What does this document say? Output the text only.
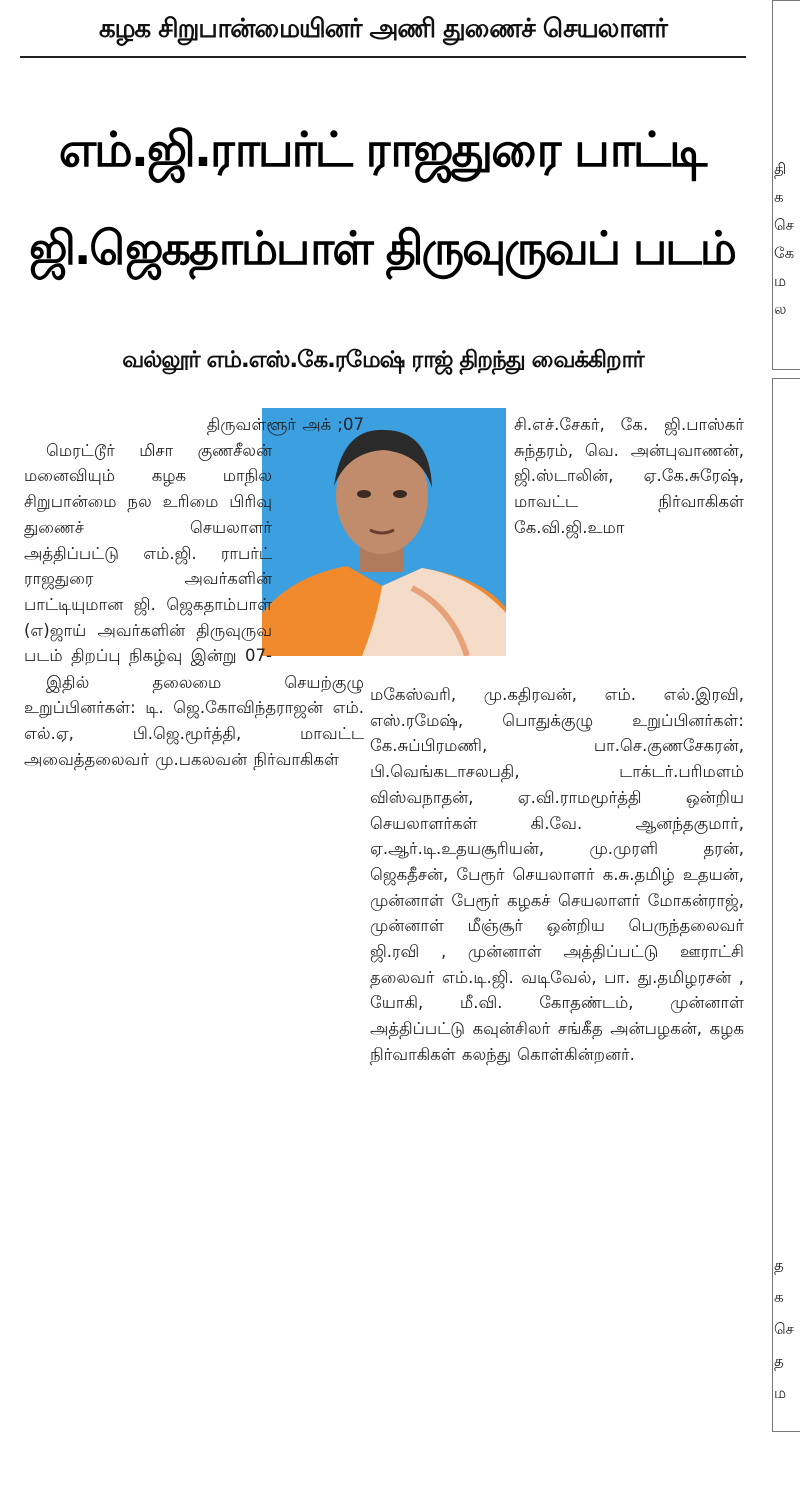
கழக சிறுபான்மையினர் அணி துணைச் செயலாளர்
எம்.ஜி.ராபர்ட் ராஜதுரை பாட்டி
ஜி.ஜெகதாம்பாள் திருவுருவப் படம்
வல்லூர் எம்.எஸ்.கே.ரமேஷ் ராஜ் திறந்து வைக்கிறார்

திருவள்ளூர் அக் ;07

மெரட்டூர் மிசா குணசீலன் மனைவியும் கழக மாநில சிறுபான்மை நல உரிமை பிரிவு துணைச் செயலாளர் அத்திப்பட்டு எம்.ஜி. ராபர்ட் ராஜதுரை அவர்களின் பாட்டியுமான ஜி. ஜெகதாம்பாள் (எ)ஜாய் அவர்களின் திருவுருவ படம் திறப்பு நிகழ்வு இன்று 07-

இதில் தலைமை செயற்குழு உறுப்பினர்கள்: டி. ஜெ.கோவிந்தராஜன் எம். எல்.ஏ, பி.ஜெ.மூர்த்தி, மாவட்ட அவைத்தலைவர் மு.பகலவன் நிர்வாகிகள்

சி.எச்.சேகர், கே. ஜி.பாஸ்கர் சுந்தரம், வெ. அன்புவாணன், ஜி.ஸ்டாலின், ஏ.கே.சுரேஷ், மாவட்ட நிர்வாகிகள் கே.வி.ஜி.உமா
மகேஸ்வரி, மு.கதிரவன், எம். எல்.இரவி, எஸ்.ரமேஷ், பொதுக்குழு உறுப்பினர்கள்: கே.சுப்பிரமணி, பா.செ.குணசேகரன், பி.வெங்கடாசலபதி, டாக்டர்.பரிமளம் விஸ்வநாதன், ஏ.வி.ராமமூர்த்தி ஒன்றிய செயலாளர்கள் கி.வே. ஆனந்தகுமார், ஏ.ஆர்.டி.உதயசூரியன், மு.முரளி தரன், ஜெகதீசன், பேரூர் செயலாளர் க.சு.தமிழ் உதயன், முன்னாள் பேரூர் கழகச் செயலாளர் மோகன்ராஜ், முன்னாள் மீஞ்சூர் ஒன்றிய பெருந்தலைவர் ஜி.ரவி , முன்னாள் அத்திப்பட்டு ஊராட்சி தலைவர் எம்.டி.ஜி. வடிவேல், பா. து.தமிழரசன் , யோகி, மீ.வி. கோதண்டம், முன்னாள் அத்திப்பட்டு கவுன்சிலர் சங்கீத அன்பழகன், கழக நிர்வாகிகள் கலந்து கொள்கின்றனர்.
தி
க
செ
கே
ம
ல
த
க
செ
த
ம
